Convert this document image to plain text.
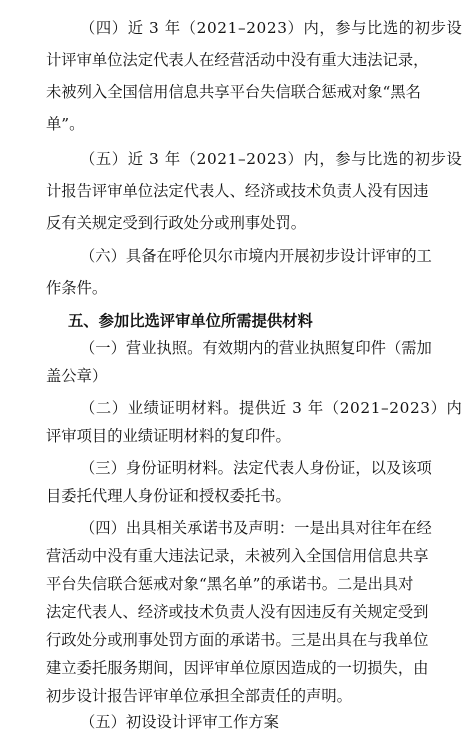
（四）近 3 年（2021–2023）内，参与比选的初步设
计评审单位法定代表人在经营活动中没有重大违法记录，
未被列入全国信用信息共享平台失信联合惩戒对象“黑名
单”。
（五）近 3 年（2021–2023）内，参与比选的初步设
计报告评审单位法定代表人、经济或技术负责人没有因违
反有关规定受到行政处分或刑事处罚。
（六）具备在呼伦贝尔市境内开展初步设计评审的工
作条件。
五、参加比选评审单位所需提供材料
（一）营业执照。有效期内的营业执照复印件（需加
盖公章）
（二）业绩证明材料。提供近 3 年（2021–2023）内
评审项目的业绩证明材料的复印件。
（三）身份证明材料。法定代表人身份证，以及该项
目委托代理人身份证和授权委托书。
（四）出具相关承诺书及声明：一是出具对往年在经
营活动中没有重大违法记录，未被列入全国信用信息共享
平台失信联合惩戒对象“黑名单”的承诺书。二是出具对
法定代表人、经济或技术负责人没有因违反有关规定受到
行政处分或刑事处罚方面的承诺书。三是出具在与我单位
建立委托服务期间，因评审单位原因造成的一切损失，由
初步设计报告评审单位承担全部责任的声明。
（五）初设设计评审工作方案
